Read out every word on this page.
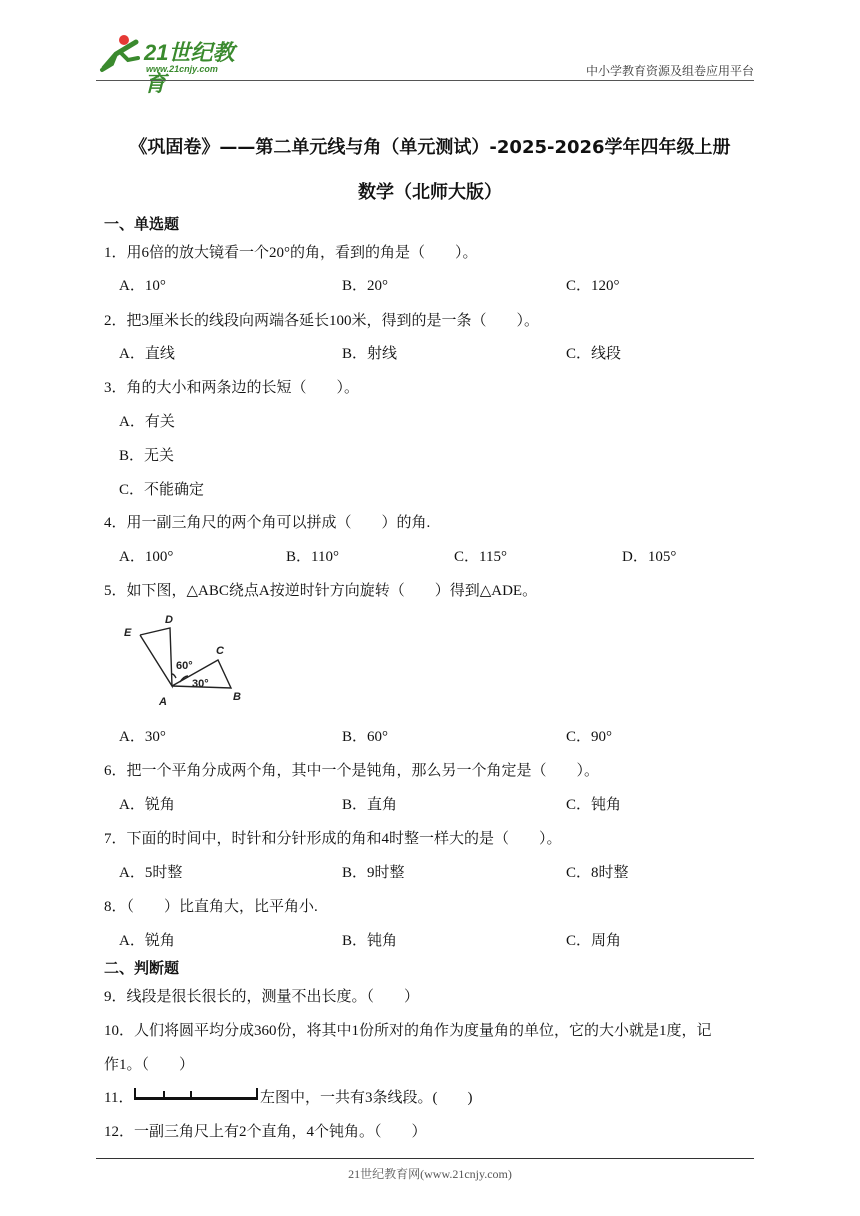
21世纪教育
www.21cnjy.com	中小学教育资源及组卷应用平台
《巩固卷》——第二单元线与角（单元测试）-2025-2026学年四年级上册
数学（北师大版）
一、单选题
1．用6倍的放大镜看一个20°的角，看到的角是（　　）。
A．10°	B．20°	C．120°
2．把3厘米长的线段向两端各延长100米，得到的是一条（　　）。
A．直线	B．射线	C．线段
3．角的大小和两条边的长短（　　）。
A．有关
B．无关
C．不能确定
4．用一副三角尺的两个角可以拼成（　　）的角.
A．100°	B．110°	C．115°	D．105°
5．如下图，△ABC绕点A按逆时针方向旋转（　　）得到△ADE。
E
D
C
A	B
60°
30°
A．30°	B．60°	C．90°
6．把一个平角分成两个角，其中一个是钝角，那么另一个角定是（　　）。
A．锐角	B．直角	C．钝角
7．下面的时间中，时针和分针形成的角和4时整一样大的是（　　）。
A．5时整	B．9时整	C．8时整
8．（　　）比直角大，比平角小.
A．锐角	B．钝角	C．周角
二、判断题
9．线段是很长很长的，测量不出长度。（　　）
10．人们将圆平均分成360份，将其中1份所对的角作为度量角的单位，它的大小就是1度，记
作1。（　　）
11．	左图中，一共有3条线段。(　　)
12．一副三角尺上有2个直角，4个钝角。（　　）
21世纪教育网(www.21cnjy.com)
